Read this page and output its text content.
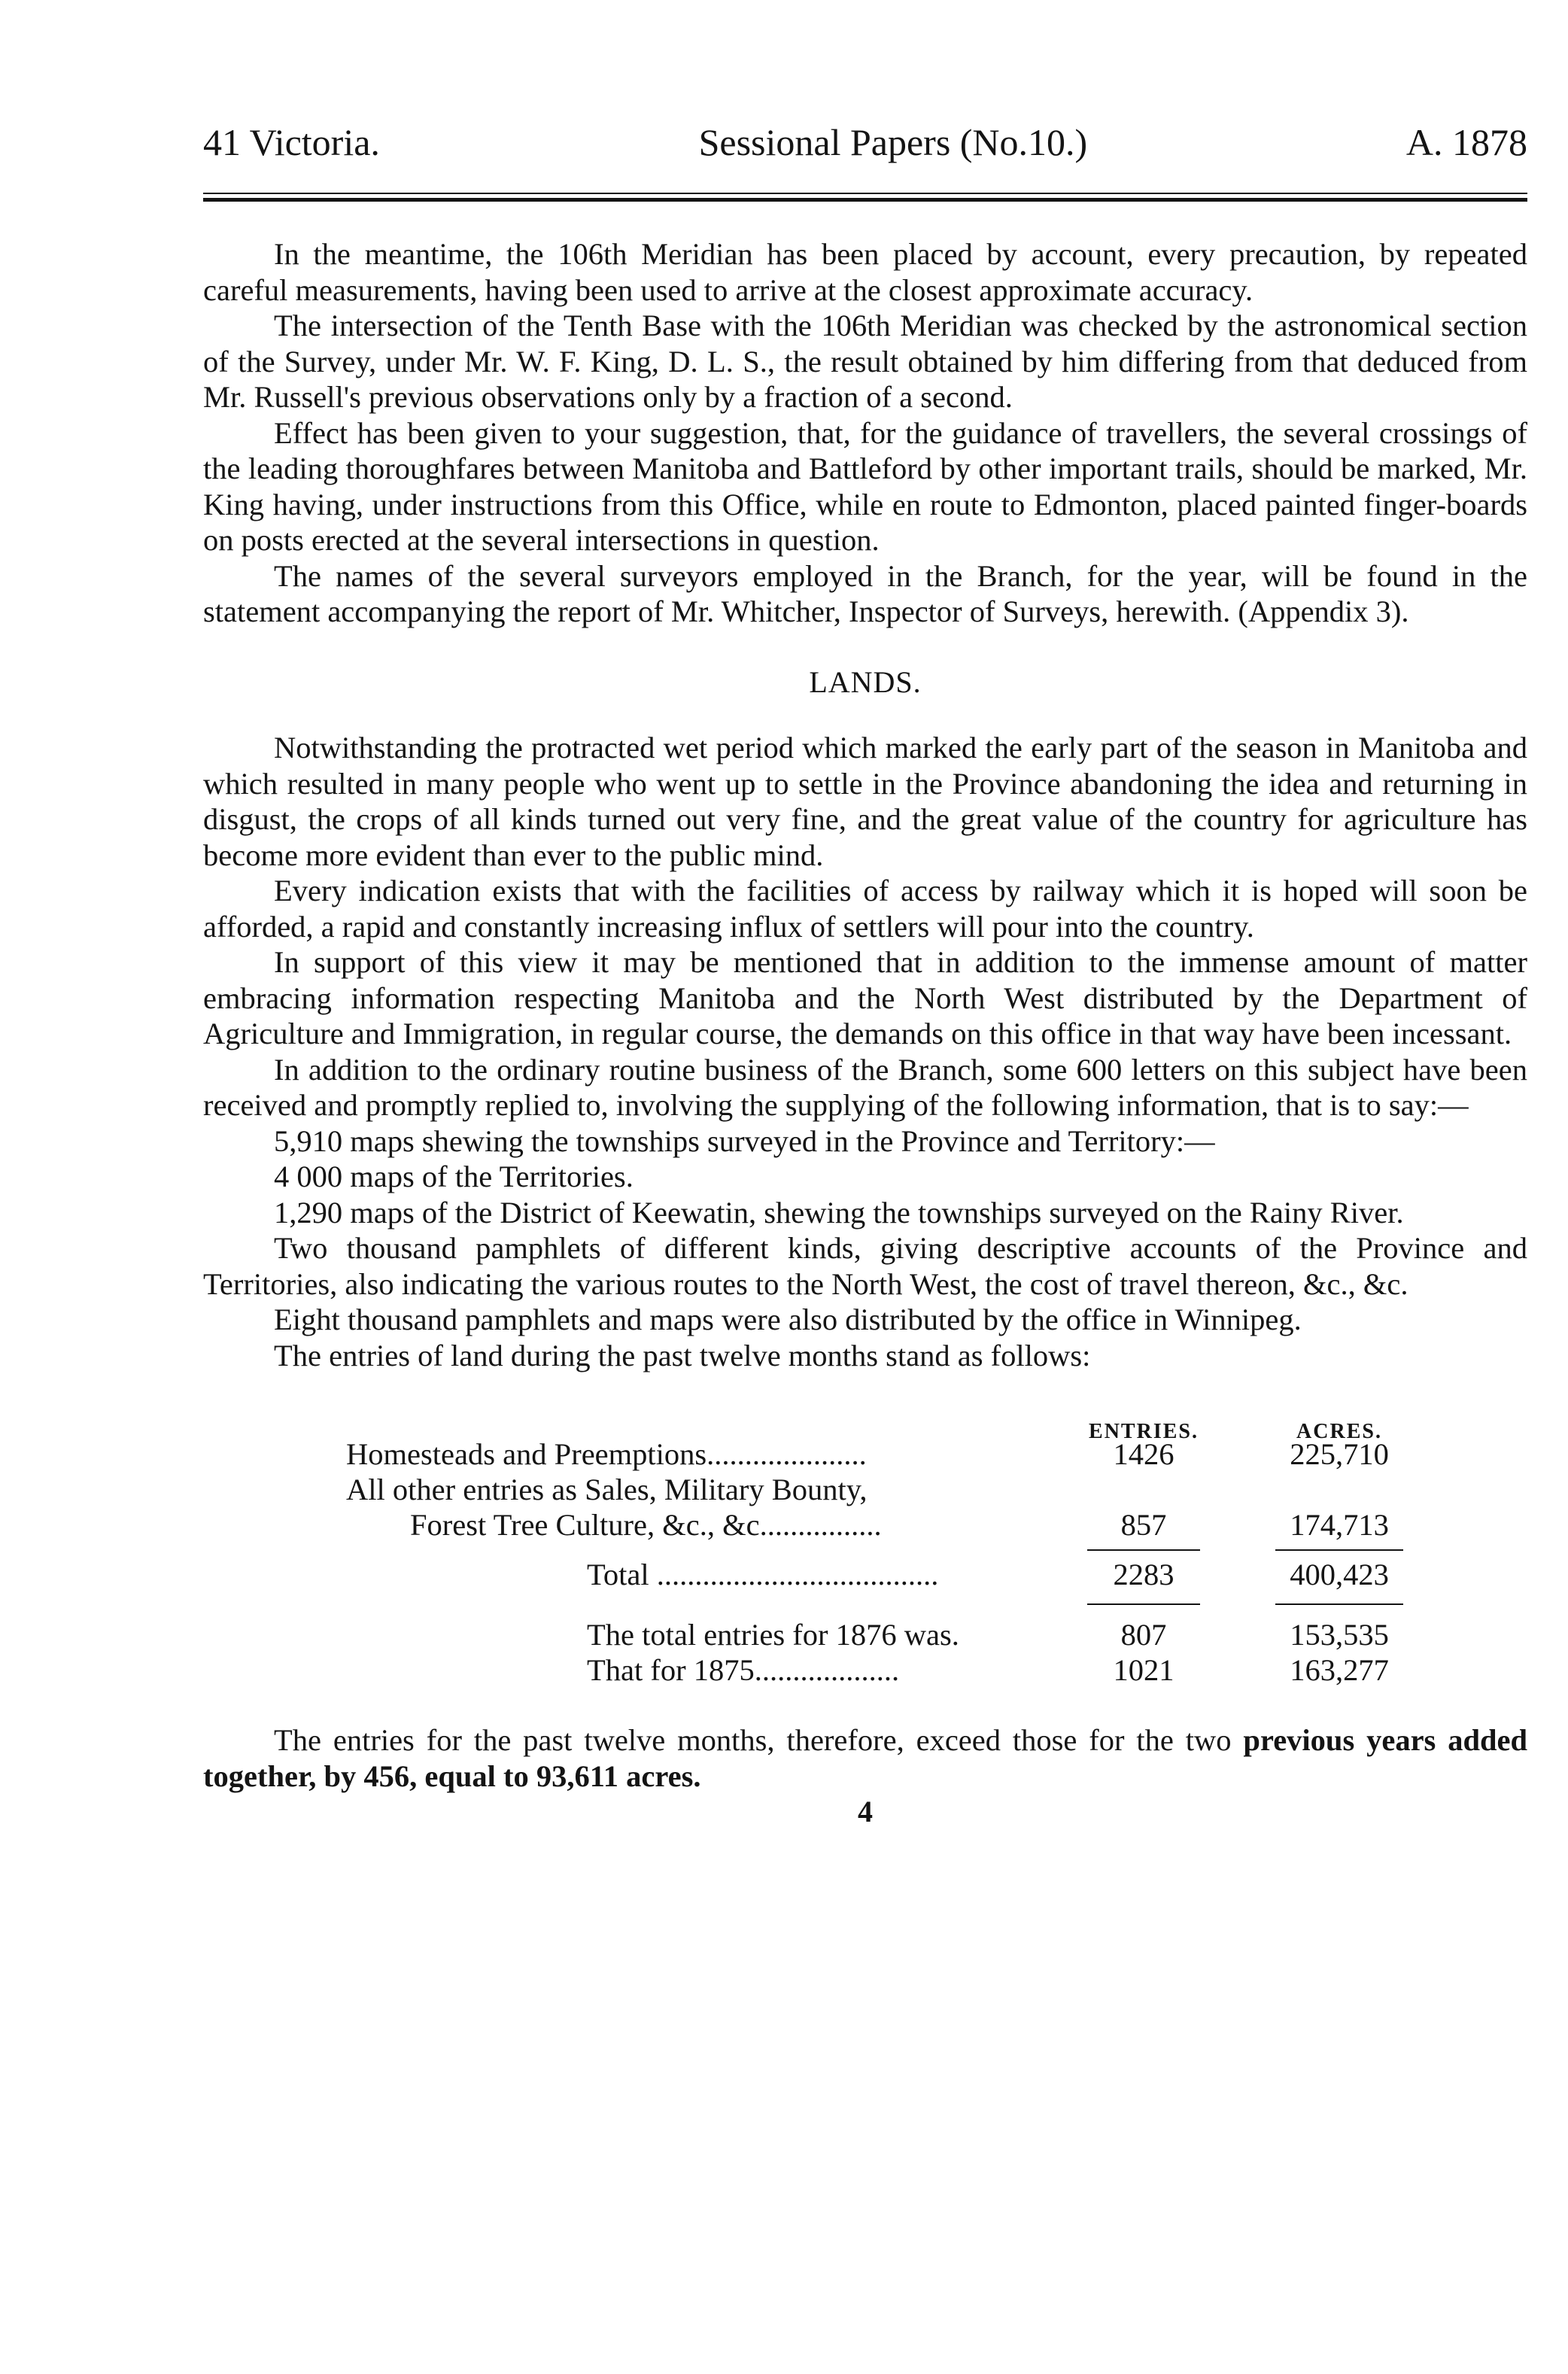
41 Victoria.	Sessional Papers (No.10.)	A. 1878

In the meantime, the 106th Meridian has been placed by account, every precaution, by repeated careful measurements, having been used to arrive at the closest approximate accuracy.

The intersection of the Tenth Base with the 106th Meridian was checked by the astronomical section of the Survey, under Mr. W. F. King, D. L. S., the result obtained by him differing from that deduced from Mr. Russell's previous observations only by a fraction of a second.

Effect has been given to your suggestion, that, for the guidance of travellers, the several crossings of the leading thoroughfares between Manitoba and Battleford by other important trails, should be marked, Mr. King having, under instructions from this Office, while en route to Edmonton, placed painted finger-boards on posts erected at the several intersections in question.

The names of the several surveyors employed in the Branch, for the year, will be found in the statement accompanying the report of Mr. Whitcher, Inspector of Surveys, herewith. (Appendix 3).

LANDS.

Notwithstanding the protracted wet period which marked the early part of the season in Manitoba and which resulted in many people who went up to settle in the Province abandoning the idea and returning in disgust, the crops of all kinds turned out very fine, and the great value of the country for agriculture has become more evident than ever to the public mind.

Every indication exists that with the facilities of access by railway which it is hoped will soon be afforded, a rapid and constantly increasing influx of settlers will pour into the country.

In support of this view it may be mentioned that in addition to the immense amount of matter embracing information respecting Manitoba and the North West distributed by the Department of Agriculture and Immigration, in regular course, the demands on this office in that way have been incessant.

In addition to the ordinary routine business of the Branch, some 600 letters on this subject have been received and promptly replied to, involving the supplying of the following information, that is to say:—

5,910 maps shewing the townships surveyed in the Province and Territory:—

4 000 maps of the Territories.

1,290 maps of the District of Keewatin, shewing the townships surveyed on the Rainy River.

Two thousand pamphlets of different kinds, giving descriptive accounts of the Province and Territories, also indicating the various routes to the North West, the cost of travel thereon, &c., &c.

Eight thousand pamphlets and maps were also distributed by the office in Winnipeg.

The entries of land during the past twelve months stand as follows:

ENTRIES.	ACRES.
Homesteads and Preemptions.....................	1426	225,710
All other entries as Sales, Military Bounty,
Forest Tree Culture, &c., &c................	857	174,713
Total .....................................	2283	400,423
The total entries for 1876 was.	807	153,535
That for 1875...................	1021	163,277

The entries for the past twelve months, therefore, exceed those for the two previous years added together, by 456, equal to 93,611 acres.

4
